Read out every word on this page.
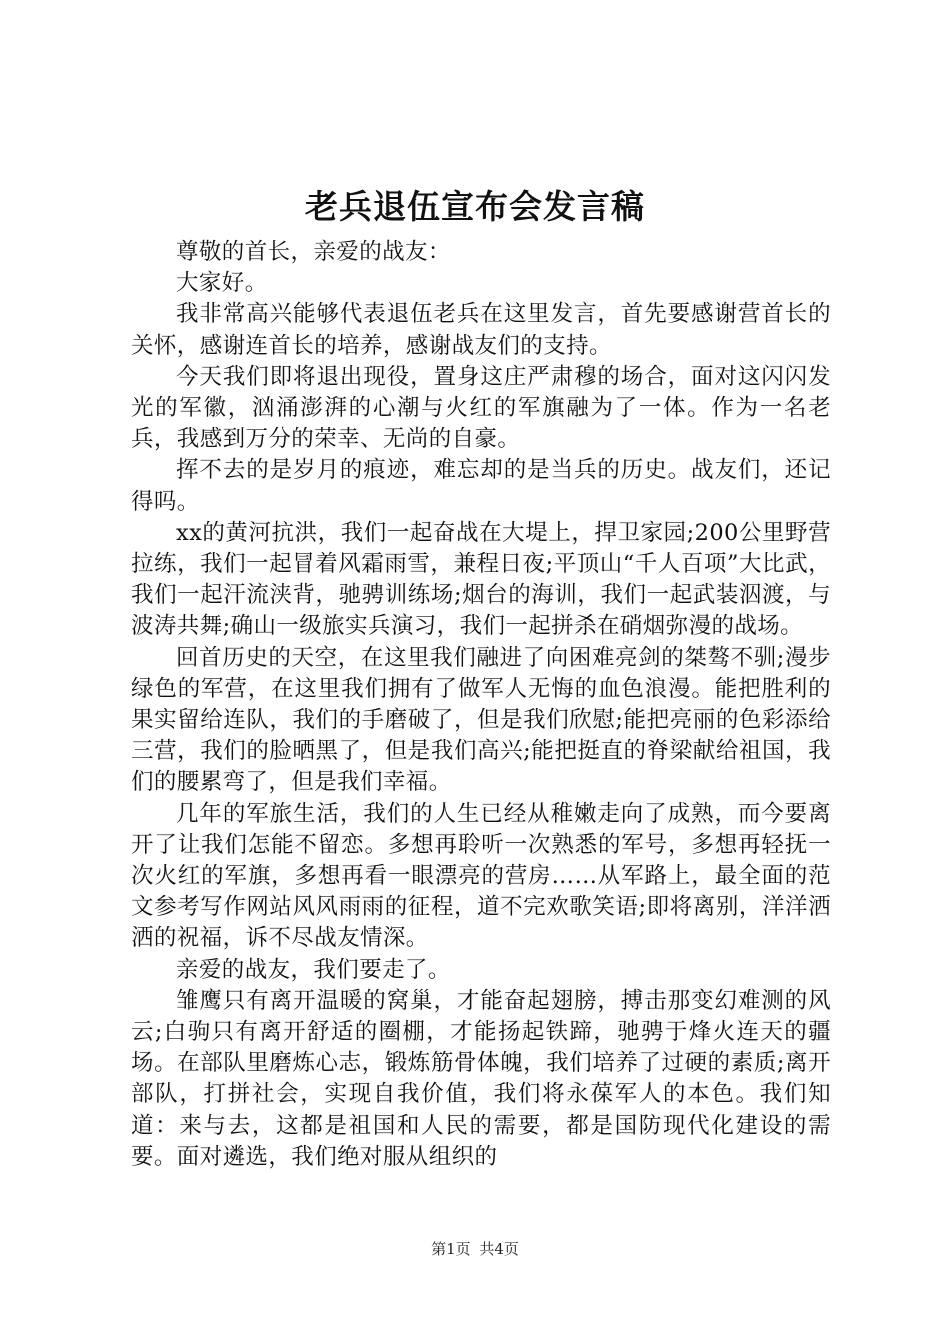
老兵退伍宣布会发言稿

尊敬的首长，亲爱的战友：

大家好。

我非常高兴能够代表退伍老兵在这里发言，首先要感谢营首长的关怀，感谢连首长的培养，感谢战友们的支持。

今天我们即将退出现役，置身这庄严肃穆的场合，面对这闪闪发光的军徽，汹涌澎湃的心潮与火红的军旗融为了一体。作为一名老兵，我感到万分的荣幸、无尚的自豪。

挥不去的是岁月的痕迹，难忘却的是当兵的历史。战友们，还记得吗。

xx的黄河抗洪，我们一起奋战在大堤上，捍卫家园;200公里野营拉练，我们一起冒着风霜雨雪，兼程日夜;平顶山“千人百项”大比武，我们一起汗流浃背，驰骋训练场;烟台的海训，我们一起武装泅渡，与波涛共舞;确山一级旅实兵演习，我们一起拼杀在硝烟弥漫的战场。

回首历史的天空，在这里我们融进了向困难亮剑的桀骜不驯;漫步绿色的军营，在这里我们拥有了做军人无悔的血色浪漫。能把胜利的果实留给连队，我们的手磨破了，但是我们欣慰;能把亮丽的色彩添给三营，我们的脸晒黑了，但是我们高兴;能把挺直的脊梁献给祖国，我们的腰累弯了，但是我们幸福。

几年的军旅生活，我们的人生已经从稚嫩走向了成熟，而今要离开了让我们怎能不留恋。多想再聆听一次熟悉的军号，多想再轻抚一次火红的军旗，多想再看一眼漂亮的营房……从军路上，最全面的范文参考写作网站风风雨雨的征程，道不完欢歌笑语;即将离别，洋洋洒洒的祝福，诉不尽战友情深。

亲爱的战友，我们要走了。

雏鹰只有离开温暖的窝巢，才能奋起翅膀，搏击那变幻难测的风云;白驹只有离开舒适的圈棚，才能扬起铁蹄，驰骋于烽火连天的疆场。在部队里磨炼心志，锻炼筋骨体魄，我们培养了过硬的素质;离开部队，打拼社会，实现自我价值，我们将永葆军人的本色。我们知道：来与去，这都是祖国和人民的需要，都是国防现代化建设的需要。面对遴选，我们绝对服从组织的

第1页 共4页
